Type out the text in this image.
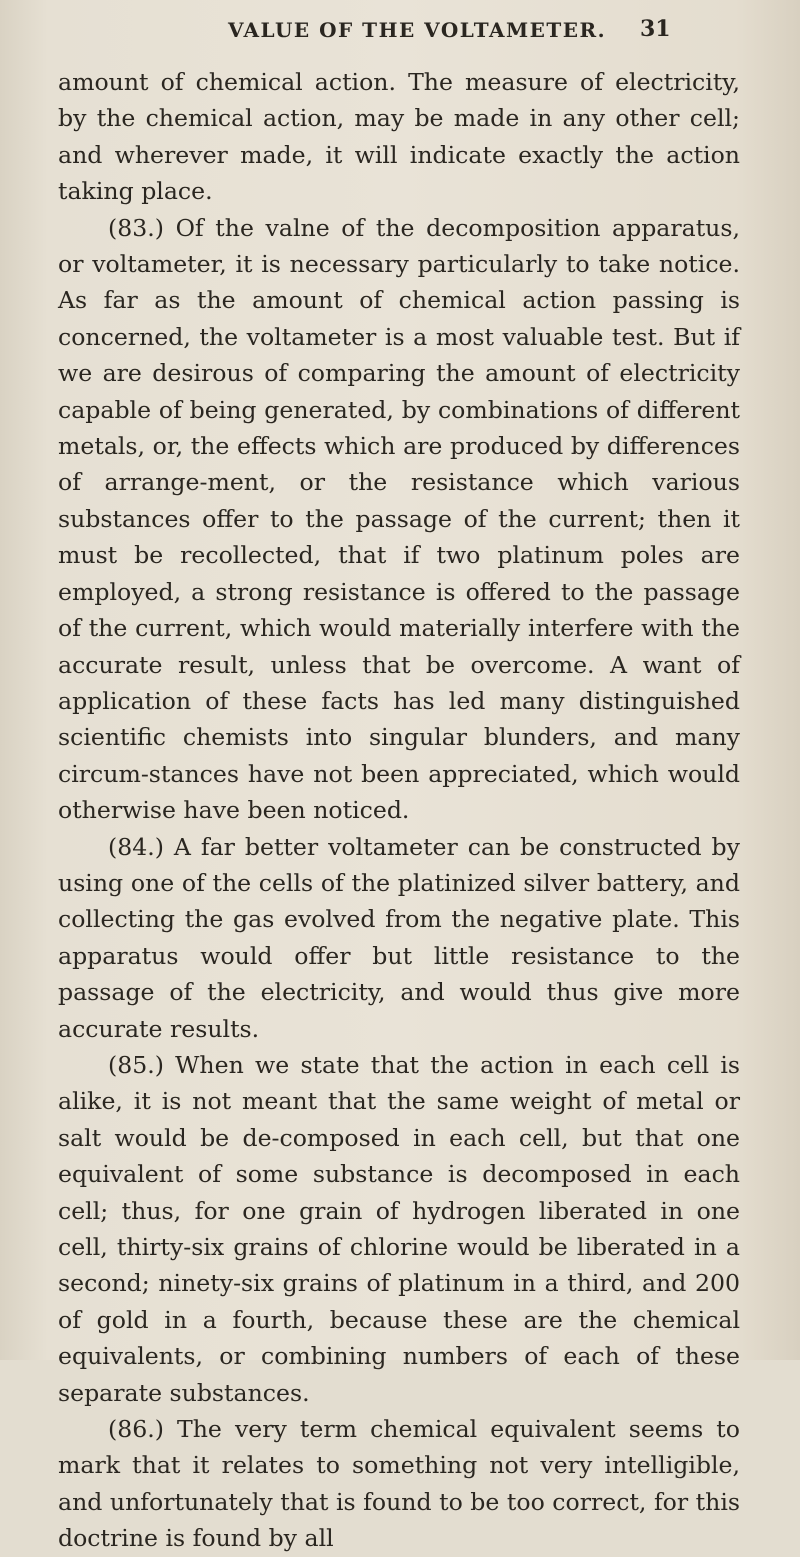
VALUE OF THE VOLTAMETER. 31

amount of chemical action. The measure of electricity, by the chemical action, may be made in any other cell; and wherever made, it will indicate exactly the action taking place.

(83.) Of the valne of the decomposition apparatus, or voltameter, it is necessary particularly to take notice. As far as the amount of chemical action passing is concerned, the voltameter is a most valuable test. But if we are desirous of comparing the amount of electricity capable of being generated, by combinations of different metals, or, the effects which are produced by differences of arrange-ment, or the resistance which various substances offer to the passage of the current; then it must be recollected, that if two platinum poles are employed, a strong resistance is offered to the passage of the current, which would materially interfere with the accurate result, unless that be overcome. A want of application of these facts has led many distinguished scientific chemists into singular blunders, and many circum-stances have not been appreciated, which would otherwise have been noticed.

(84.) A far better voltameter can be constructed by using one of the cells of the platinized silver battery, and collecting the gas evolved from the negative plate. This apparatus would offer but little resistance to the passage of the electricity, and would thus give more accurate results.

(85.) When we state that the action in each cell is alike, it is not meant that the same weight of metal or salt would be de-composed in each cell, but that one equivalent of some substance is decomposed in each cell; thus, for one grain of hydrogen liberated in one cell, thirty-six grains of chlorine would be liberated in a second; ninety-six grains of platinum in a third, and 200 of gold in a fourth, because these are the chemical equivalents, or combining numbers of each of these separate substances.

(86.) The very term chemical equivalent seems to mark that it relates to something not very intelligible, and unfortunately that is found to be too correct, for this doctrine is found by all
